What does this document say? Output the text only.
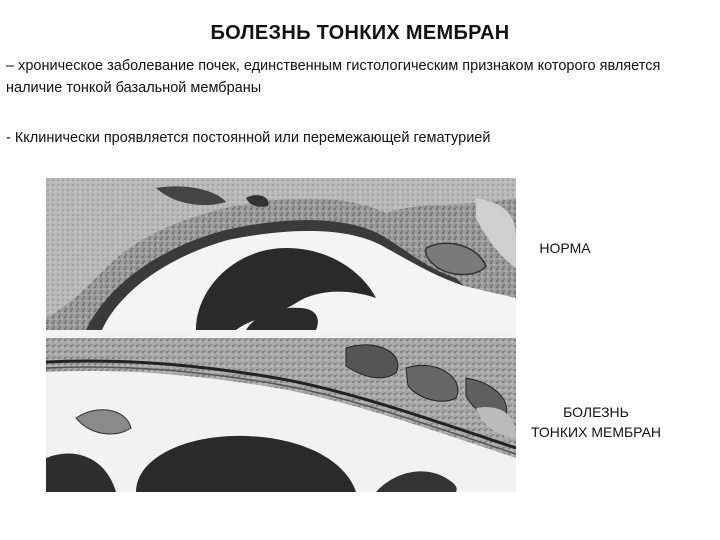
БОЛЕЗНЬ ТОНКИХ МЕМБРАН
– хроническое заболевание почек, единственным гистологическим признаком которого является наличие тонкой базальной мембраны
- Кклинически проявляется постоянной или перемежающей гематурией
НОРМА
БОЛЕЗНЬ
ТОНКИХ МЕМБРАН
